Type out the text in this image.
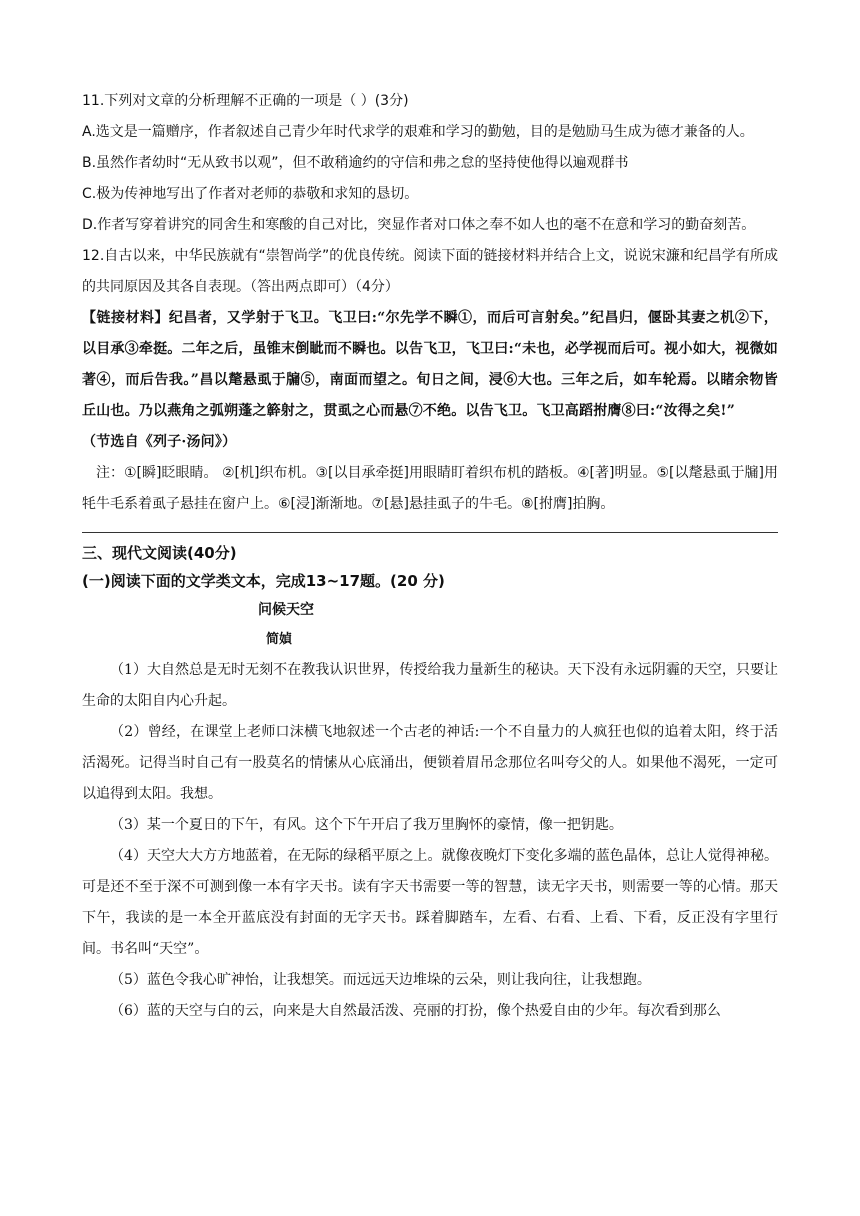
11.下列对文章的分析理解不正确的一项是（ ）(3分)

A.选文是一篇赠序，作者叙述自己青少年时代求学的艰难和学习的勤勉，目的是勉励马生成为德才兼备的人。

B.虽然作者幼时“无从致书以观”，但不敢稍逾约的守信和弗之怠的坚持使他得以遍观群书

C.极为传神地写出了作者对老师的恭敬和求知的恳切。

D.作者写穿着讲究的同舍生和寒酸的自己对比，突显作者对口体之奉不如人也的毫不在意和学习的勤奋刻苦。

12.自古以来，中华民族就有“崇智尚学”的优良传统。阅读下面的链接材料并结合上文，说说宋濂和纪昌学有所成的共同原因及其各自表现。（答出两点即可）（4分）

【链接材料】纪昌者，又学射于飞卫。飞卫曰:“尔先学不瞬①，而后可言射矣。”纪昌归，偃卧其妻之机②下，以目承③牵挺。二年之后，虽锥末倒眦而不瞬也。以告飞卫，飞卫曰:“未也，必学视而后可。视小如大，视微如著④，而后告我。”昌以氂悬虱于牖⑤，南面而望之。旬日之间，浸⑥大也。三年之后，如车轮焉。以睹余物皆丘山也。乃以燕角之弧朔蓬之簳射之，贯虱之心而悬⑦不绝。以告飞卫。飞卫高蹈拊膺⑧曰:“汝得之矣!”

（节选自《列子·汤问》）

注：①[瞬]眨眼睛。 ②[机]织布机。③[以目承牵挺]用眼睛盯着织布机的踏板。④[著]明显。⑤[以氂悬虱于牖]用牦牛毛系着虱子悬挂在窗户上。⑥[浸]渐渐地。⑦[悬]悬挂虱子的牛毛。⑧[拊膺]拍胸。

三、现代文阅读(40分)

(一)阅读下面的文学类文本，完成13~17题。(20 分)

问候天空

简媜

（1）大自然总是无时无刻不在教我认识世界，传授给我力量新生的秘诀。天下没有永远阴霾的天空，只要让生命的太阳自内心升起。

（2）曾经，在课堂上老师口沫横飞地叙述一个古老的神话:一个不自量力的人疯狂也似的追着太阳，终于活活渴死。记得当时自己有一股莫名的情愫从心底涌出，便锁着眉吊念那位名叫夸父的人。如果他不渴死，一定可以追得到太阳。我想。

（3）某一个夏日的下午，有风。这个下午开启了我万里胸怀的豪情，像一把钥匙。

（4）天空大大方方地蓝着，在无际的绿稻平原之上。就像夜晚灯下变化多端的蓝色晶体，总让人觉得神秘。可是还不至于深不可测到像一本有字天书。读有字天书需要一等的智慧，读无字天书，则需要一等的心情。那天下午，我读的是一本全开蓝底没有封面的无字天书。踩着脚踏车，左看、右看、上看、下看，反正没有字里行间。书名叫“天空”。

（5）蓝色令我心旷神怡，让我想笑。而远远天边堆垛的云朵，则让我向往，让我想跑。

（6）蓝的天空与白的云，向来是大自然最活泼、亮丽的打扮，像个热爱自由的少年。每次看到那么
